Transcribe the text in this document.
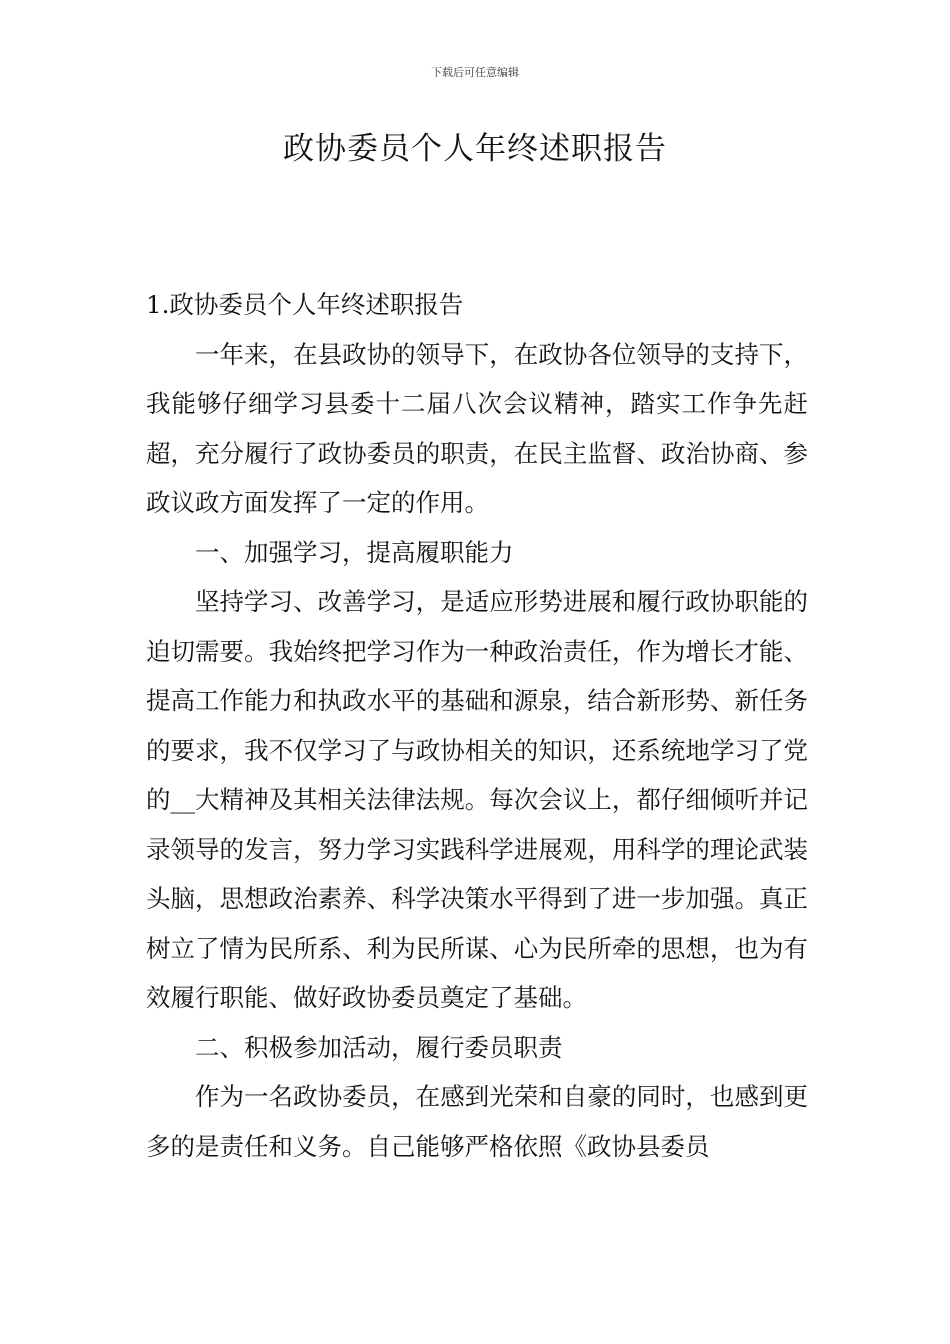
下载后可任意编辑
政协委员个人年终述职报告

1.政协委员个人年终述职报告

一年来，在县政协的领导下，在政协各位领导的支持下，我能够仔细学习县委十二届八次会议精神，踏实工作争先赶超，充分履行了政协委员的职责，在民主监督、政治协商、参政议政方面发挥了一定的作用。

一、加强学习，提高履职能力

坚持学习、改善学习，是适应形势进展和履行政协职能的迫切需要。我始终把学习作为一种政治责任，作为增长才能、提高工作能力和执政水平的基础和源泉，结合新形势、新任务的要求，我不仅学习了与政协相关的知识，还系统地学习了党的__大精神及其相关法律法规。每次会议上，都仔细倾听并记录领导的发言，努力学习实践科学进展观，用科学的理论武装头脑，思想政治素养、科学决策水平得到了进一步加强。真正树立了情为民所系、利为民所谋、心为民所牵的思想，也为有效履行职能、做好政协委员奠定了基础。

二、积极参加活动，履行委员职责

作为一名政协委员，在感到光荣和自豪的同时，也感到更多的是责任和义务。自己能够严格依照《政协县委员
